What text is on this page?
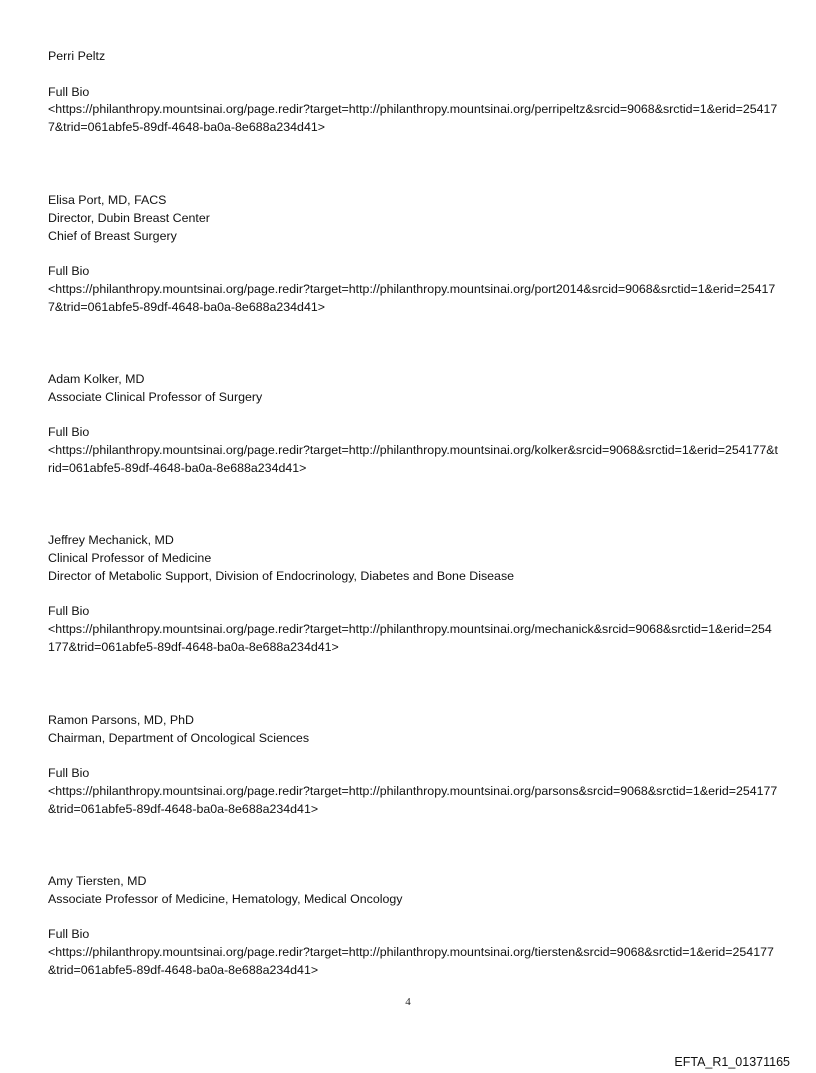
Perri Peltz

Full Bio

<https://philanthropy.mountsinai.org/page.redir?target=http://philanthropy.mountsinai.org/perripeltz&srcid=9068&srctid=1&erid=254177&trid=061abfe5-89df-4648-ba0a-8e688a234d41>

Elisa Port, MD, FACS

Director, Dubin Breast Center

Chief of Breast Surgery

Full Bio

<https://philanthropy.mountsinai.org/page.redir?target=http://philanthropy.mountsinai.org/port2014&srcid=9068&srctid=1&erid=254177&trid=061abfe5-89df-4648-ba0a-8e688a234d41>

Adam Kolker, MD

Associate Clinical Professor of Surgery

Full Bio

<https://philanthropy.mountsinai.org/page.redir?target=http://philanthropy.mountsinai.org/kolker&srcid=9068&srctid=1&erid=254177&trid=061abfe5-89df-4648-ba0a-8e688a234d41>

Jeffrey Mechanick, MD

Clinical Professor of Medicine

Director of Metabolic Support, Division of Endocrinology, Diabetes and Bone Disease

Full Bio

<https://philanthropy.mountsinai.org/page.redir?target=http://philanthropy.mountsinai.org/mechanick&srcid=9068&srctid=1&erid=254177&trid=061abfe5-89df-4648-ba0a-8e688a234d41>

Ramon Parsons, MD, PhD

Chairman, Department of Oncological Sciences

Full Bio

<https://philanthropy.mountsinai.org/page.redir?target=http://philanthropy.mountsinai.org/parsons&srcid=9068&srctid=1&erid=254177&trid=061abfe5-89df-4648-ba0a-8e688a234d41>

Amy Tiersten, MD

Associate Professor of Medicine, Hematology, Medical Oncology

Full Bio

<https://philanthropy.mountsinai.org/page.redir?target=http://philanthropy.mountsinai.org/tiersten&srcid=9068&srctid=1&erid=254177&trid=061abfe5-89df-4648-ba0a-8e688a234d41>

4
EFTA_R1_01371165
